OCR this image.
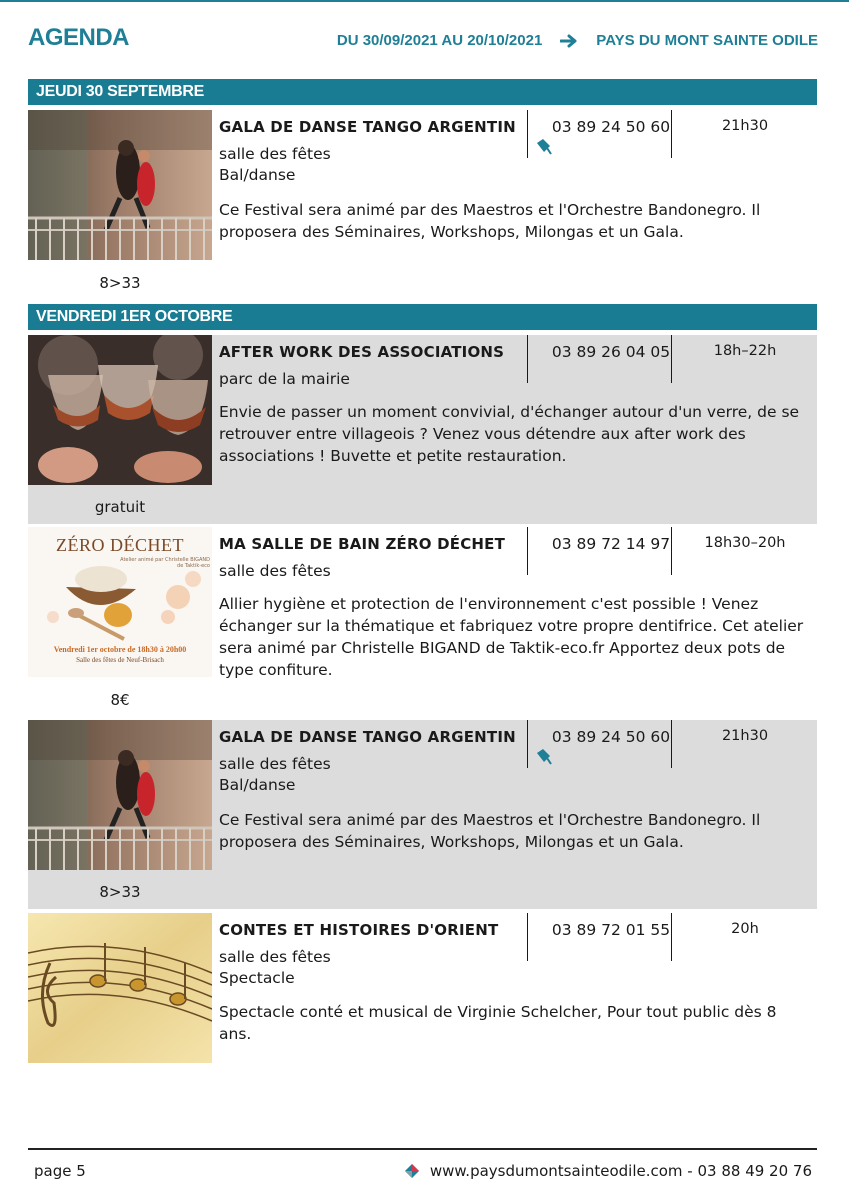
AGENDA	DU 30/09/2021 AU 20/10/2021	PAYS DU MONT SAINTE ODILE
JEUDI 30 SEPTEMBRE
8>33
GALA DE DANSE TANGO ARGENTIN
salle des fêtes
Bal/danse
Ce Festival sera animé par des Maestros et l'Orchestre Bandonegro. Il proposera des Séminaires, Workshops, Milongas et un Gala.
03 89 24 50 60	21h30
VENDREDI 1ER OCTOBRE
gratuit
AFTER WORK DES ASSOCIATIONS
parc de la mairie
Envie de passer un moment convivial, d'échanger autour d'un verre, de se retrouver entre villageois ? Venez vous détendre aux after work des associations ! Buvette et petite restauration.
03 89 26 04 05	18h–22h
ZÉRO DÉCHET
Atelier animé par Christelle BIGAND de Taktik-eco
Vendredi 1er octobre de 18h30 à 20h00
Salle des fêtes de Neuf-Brisach
8€
MA SALLE DE BAIN ZÉRO DÉCHET
salle des fêtes
Allier hygiène et protection de l'environnement c'est possible ! Venez échanger sur la thématique et fabriquez votre propre dentifrice. Cet atelier sera animé par Christelle BIGAND de Taktik-eco.fr Apportez deux pots de type confiture.
03 89 72 14 97	18h30–20h
8>33
GALA DE DANSE TANGO ARGENTIN
salle des fêtes
Bal/danse
Ce Festival sera animé par des Maestros et l'Orchestre Bandonegro. Il proposera des Séminaires, Workshops, Milongas et un Gala.
03 89 24 50 60	21h30
CONTES ET HISTOIRES D'ORIENT
salle des fêtes
Spectacle
Spectacle conté et musical de Virginie Schelcher, Pour tout public dès 8 ans.
03 89 72 01 55	20h
page 5	www.paysdumontsainteodile.com - 03 88 49 20 76
